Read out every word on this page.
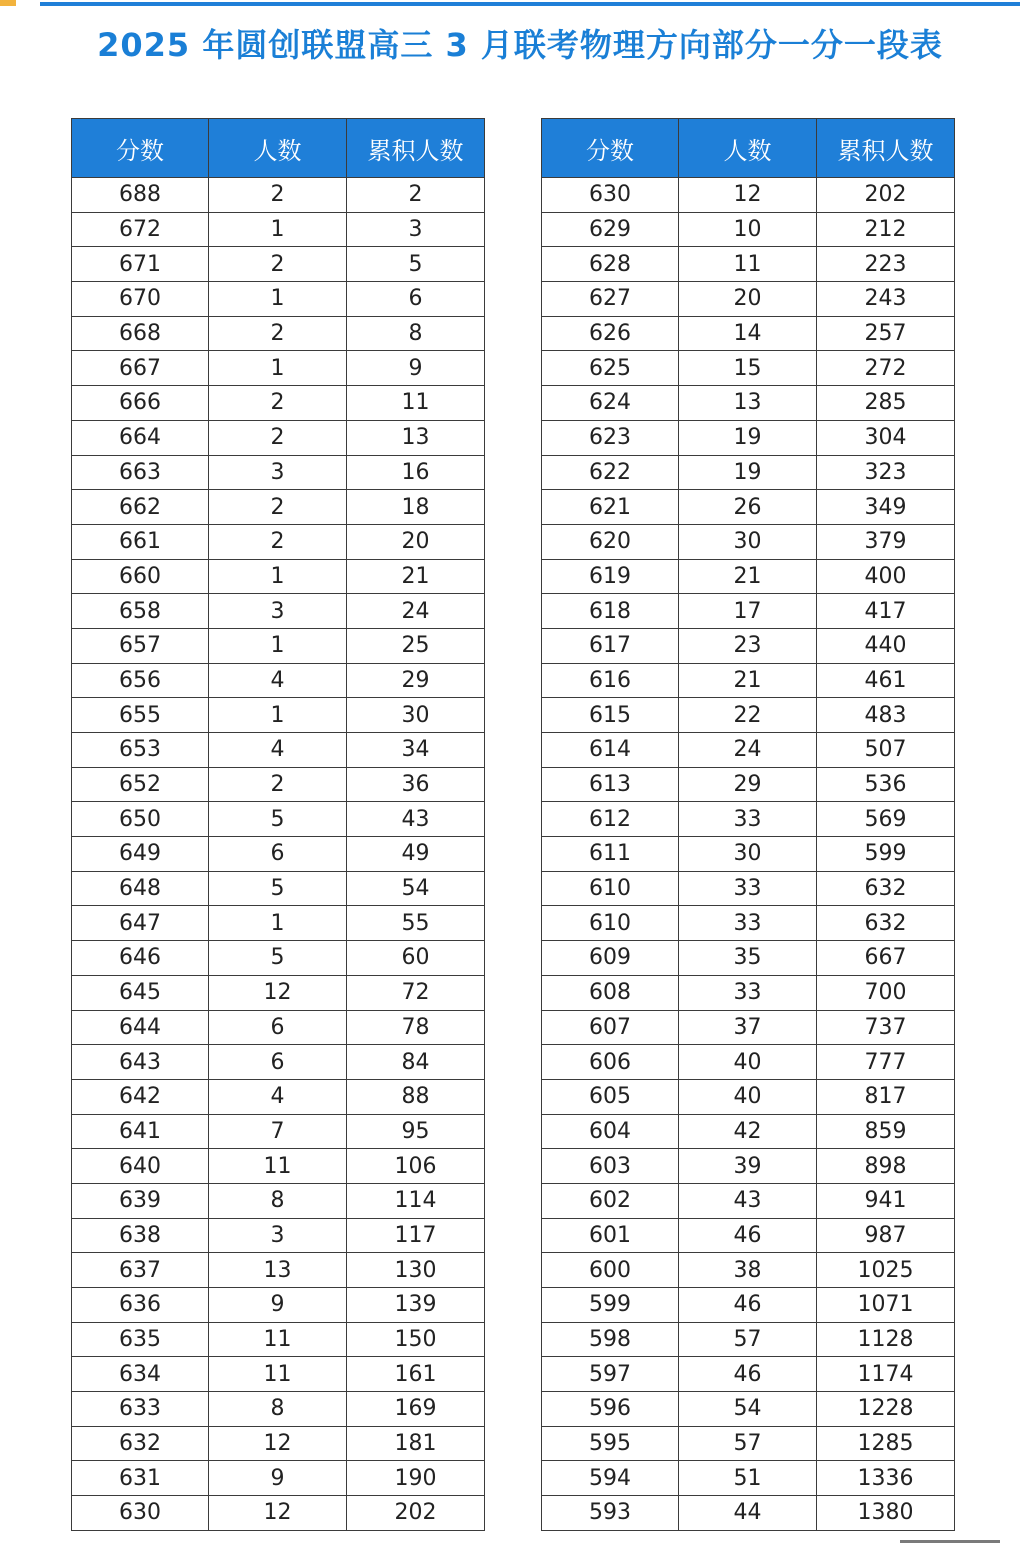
2025 年圆创联盟高三 3 月联考物理方向部分一分一段表
分数	人数	累积人数
688	2	2
672	1	3
671	2	5
670	1	6
668	2	8
667	1	9
666	2	11
664	2	13
663	3	16
662	2	18
661	2	20
660	1	21
658	3	24
657	1	25
656	4	29
655	1	30
653	4	34
652	2	36
650	5	43
649	6	49
648	5	54
647	1	55
646	5	60
645	12	72
644	6	78
643	6	84
642	4	88
641	7	95
640	11	106
639	8	114
638	3	117
637	13	130
636	9	139
635	11	150
634	11	161
633	8	169
632	12	181
631	9	190
630	12	202
分数	人数	累积人数
630	12	202
629	10	212
628	11	223
627	20	243
626	14	257
625	15	272
624	13	285
623	19	304
622	19	323
621	26	349
620	30	379
619	21	400
618	17	417
617	23	440
616	21	461
615	22	483
614	24	507
613	29	536
612	33	569
611	30	599
610	33	632
610	33	632
609	35	667
608	33	700
607	37	737
606	40	777
605	40	817
604	42	859
603	39	898
602	43	941
601	46	987
600	38	1025
599	46	1071
598	57	1128
597	46	1174
596	54	1228
595	57	1285
594	51	1336
593	44	1380
